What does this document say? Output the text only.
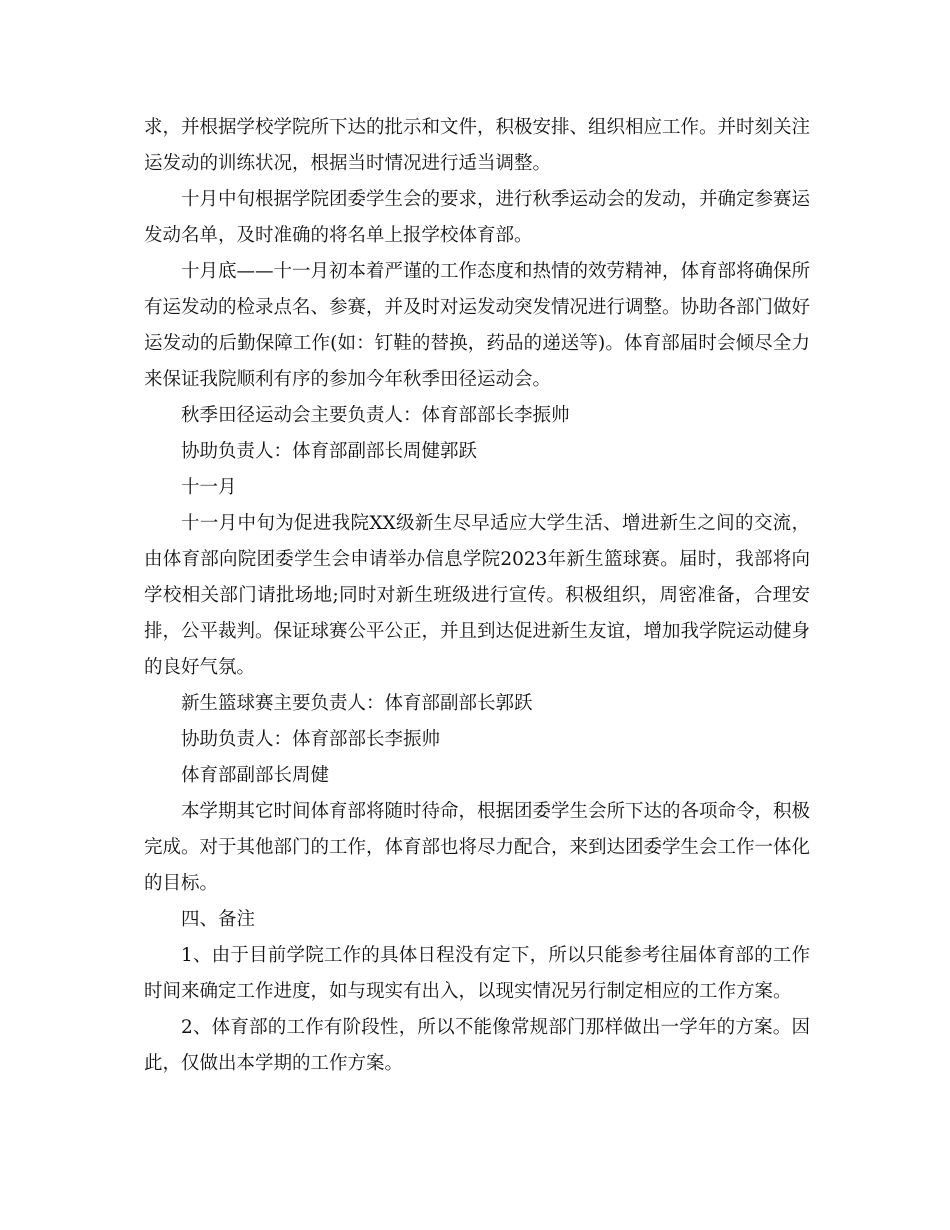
求，并根据学校学院所下达的批示和文件，积极安排、组织相应工作。并时刻关注运发动的训练状况，根据当时情况进行适当调整。

十月中旬根据学院团委学生会的要求，进行秋季运动会的发动，并确定参赛运发动名单，及时准确的将名单上报学校体育部。

十月底——十一月初本着严谨的工作态度和热情的效劳精神，体育部将确保所有运发动的检录点名、参赛，并及时对运发动突发情况进行调整。协助各部门做好运发动的后勤保障工作(如：钉鞋的替换，药品的递送等)。体育部届时会倾尽全力来保证我院顺利有序的参加今年秋季田径运动会。

秋季田径运动会主要负责人：体育部部长李振帅

协助负责人：体育部副部长周健郭跃

十一月

十一月中旬为促进我院XX级新生尽早适应大学生活、增进新生之间的交流，由体育部向院团委学生会申请举办信息学院2023年新生篮球赛。届时，我部将向学校相关部门请批场地;同时对新生班级进行宣传。积极组织，周密准备，合理安排，公平裁判。保证球赛公平公正，并且到达促进新生友谊，增加我学院运动健身的良好气氛。

新生篮球赛主要负责人：体育部副部长郭跃

协助负责人：体育部部长李振帅

体育部副部长周健

本学期其它时间体育部将随时待命，根据团委学生会所下达的各项命令，积极完成。对于其他部门的工作，体育部也将尽力配合，来到达团委学生会工作一体化的目标。

四、备注

1、由于目前学院工作的具体日程没有定下，所以只能参考往届体育部的工作时间来确定工作进度，如与现实有出入，以现实情况另行制定相应的工作方案。

2、体育部的工作有阶段性，所以不能像常规部门那样做出一学年的方案。因此，仅做出本学期的工作方案。
